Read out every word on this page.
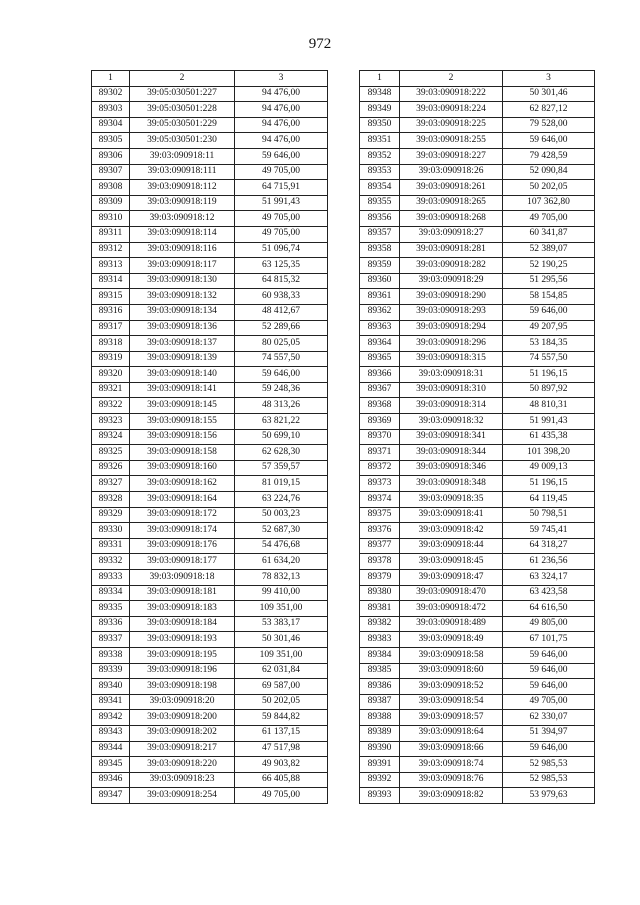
972
1	2	3
89302	39:05:030501:227	94 476,00
89303	39:05:030501:228	94 476,00
89304	39:05:030501:229	94 476,00
89305	39:05:030501:230	94 476,00
89306	39:03:090918:11	59 646,00
89307	39:03:090918:111	49 705,00
89308	39:03:090918:112	64 715,91
89309	39:03:090918:119	51 991,43
89310	39:03:090918:12	49 705,00
89311	39:03:090918:114	49 705,00
89312	39:03:090918:116	51 096,74
89313	39:03:090918:117	63 125,35
89314	39:03:090918:130	64 815,32
89315	39:03:090918:132	60 938,33
89316	39:03:090918:134	48 412,67
89317	39:03:090918:136	52 289,66
89318	39:03:090918:137	80 025,05
89319	39:03:090918:139	74 557,50
89320	39:03:090918:140	59 646,00
89321	39:03:090918:141	59 248,36
89322	39:03:090918:145	48 313,26
89323	39:03:090918:155	63 821,22
89324	39:03:090918:156	50 699,10
89325	39:03:090918:158	62 628,30
89326	39:03:090918:160	57 359,57
89327	39:03:090918:162	81 019,15
89328	39:03:090918:164	63 224,76
89329	39:03:090918:172	50 003,23
89330	39:03:090918:174	52 687,30
89331	39:03:090918:176	54 476,68
89332	39:03:090918:177	61 634,20
89333	39:03:090918:18	78 832,13
89334	39:03:090918:181	99 410,00
89335	39:03:090918:183	109 351,00
89336	39:03:090918:184	53 383,17
89337	39:03:090918:193	50 301,46
89338	39:03:090918:195	109 351,00
89339	39:03:090918:196	62 031,84
89340	39:03:090918:198	69 587,00
89341	39:03:090918:20	50 202,05
89342	39:03:090918:200	59 844,82
89343	39:03:090918:202	61 137,15
89344	39:03:090918:217	47 517,98
89345	39:03:090918:220	49 903,82
89346	39:03:090918:23	66 405,88
89347	39:03:090918:254	49 705,00
1	2	3
89348	39:03:090918:222	50 301,46
89349	39:03:090918:224	62 827,12
89350	39:03:090918:225	79 528,00
89351	39:03:090918:255	59 646,00
89352	39:03:090918:227	79 428,59
89353	39:03:090918:26	52 090,84
89354	39:03:090918:261	50 202,05
89355	39:03:090918:265	107 362,80
89356	39:03:090918:268	49 705,00
89357	39:03:090918:27	60 341,87
89358	39:03:090918:281	52 389,07
89359	39:03:090918:282	52 190,25
89360	39:03:090918:29	51 295,56
89361	39:03:090918:290	58 154,85
89362	39:03:090918:293	59 646,00
89363	39:03:090918:294	49 207,95
89364	39:03:090918:296	53 184,35
89365	39:03:090918:315	74 557,50
89366	39:03:090918:31	51 196,15
89367	39:03:090918:310	50 897,92
89368	39:03:090918:314	48 810,31
89369	39:03:090918:32	51 991,43
89370	39:03:090918:341	61 435,38
89371	39:03:090918:344	101 398,20
89372	39:03:090918:346	49 009,13
89373	39:03:090918:348	51 196,15
89374	39:03:090918:35	64 119,45
89375	39:03:090918:41	50 798,51
89376	39:03:090918:42	59 745,41
89377	39:03:090918:44	64 318,27
89378	39:03:090918:45	61 236,56
89379	39:03:090918:47	63 324,17
89380	39:03:090918:470	63 423,58
89381	39:03:090918:472	64 616,50
89382	39:03:090918:489	49 805,00
89383	39:03:090918:49	67 101,75
89384	39:03:090918:58	59 646,00
89385	39:03:090918:60	59 646,00
89386	39:03:090918:52	59 646,00
89387	39:03:090918:54	49 705,00
89388	39:03:090918:57	62 330,07
89389	39:03:090918:64	51 394,97
89390	39:03:090918:66	59 646,00
89391	39:03:090918:74	52 985,53
89392	39:03:090918:76	52 985,53
89393	39:03:090918:82	53 979,63
